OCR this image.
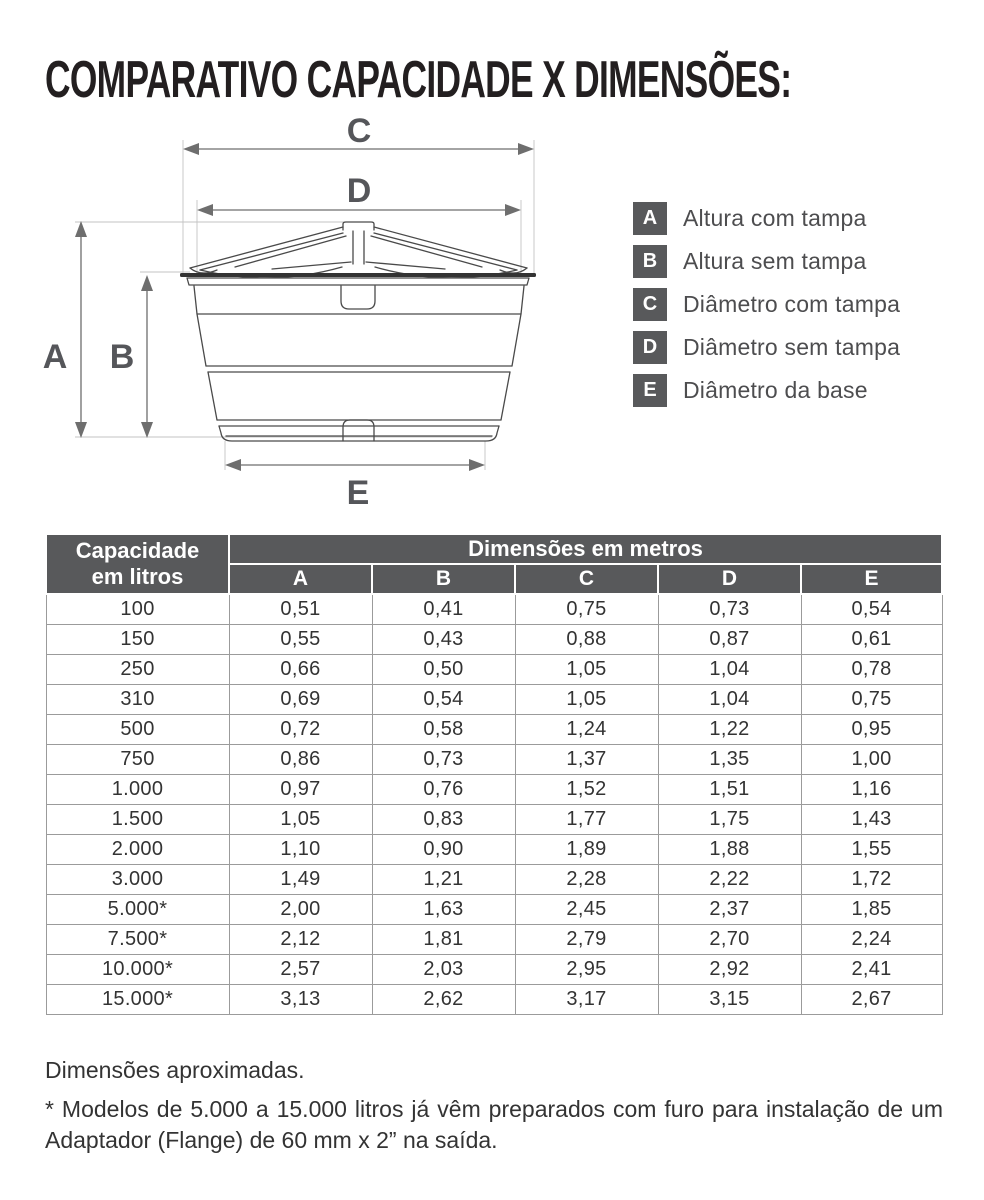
COMPARATIVO CAPACIDADE X DIMENSÕES:
C
D
A B
E
A	Altura com tampa
B	Altura sem tampa
C	Diâmetro com tampa
D	Diâmetro sem tampa
E	Diâmetro da base
Capacidade
em litros	Dimensões em metros				
	A	B	C	D	E
100	0,51	0,41	0,75	0,73	0,54
150	0,55	0,43	0,88	0,87	0,61
250	0,66	0,50	1,05	1,04	0,78
310	0,69	0,54	1,05	1,04	0,75
500	0,72	0,58	1,24	1,22	0,95
750	0,86	0,73	1,37	1,35	1,00
1.000	0,97	0,76	1,52	1,51	1,16
1.500	1,05	0,83	1,77	1,75	1,43
2.000	1,10	0,90	1,89	1,88	1,55
3.000	1,49	1,21	2,28	2,22	1,72
5.000*	2,00	1,63	2,45	2,37	1,85
7.500*	2,12	1,81	2,79	2,70	2,24
10.000*	2,57	2,03	2,95	2,92	2,41
15.000*	3,13	2,62	3,17	3,15	2,67

Dimensões aproximadas.

* Modelos de 5.000 a 15.000 litros já vêm preparados com furo para instalação de um Adaptador (Flange) de 60 mm x 2” na saída.
